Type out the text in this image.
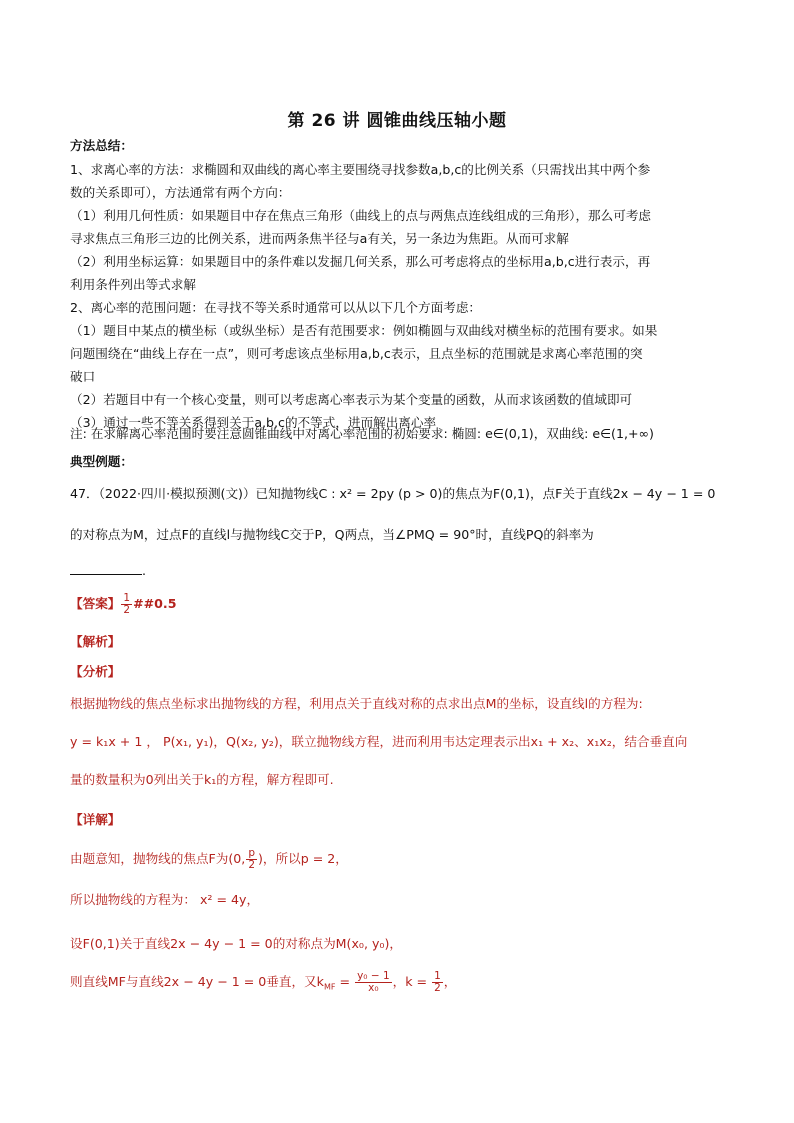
第 26 讲 圆锥曲线压轴小题
方法总结：
1、求离心率的方法：求椭圆和双曲线的离心率主要围绕寻找参数a,b,c的比例关系（只需找出其中两个参
数的关系即可），方法通常有两个方向：
（1）利用几何性质：如果题目中存在焦点三角形（曲线上的点与两焦点连线组成的三角形），那么可考虑
寻求焦点三角形三边的比例关系，进而两条焦半径与a有关，另一条边为焦距。从而可求解
（2）利用坐标运算：如果题目中的条件难以发掘几何关系，那么可考虑将点的坐标用a,b,c进行表示，再
利用条件列出等式求解
2、离心率的范围问题：在寻找不等关系时通常可以从以下几个方面考虑：
（1）题目中某点的横坐标（或纵坐标）是否有范围要求：例如椭圆与双曲线对横坐标的范围有要求。如果
问题围绕在“曲线上存在一点”，则可考虑该点坐标用a,b,c表示，且点坐标的范围就是求离心率范围的突
破口
（2）若题目中有一个核心变量，则可以考虑离心率表示为某个变量的函数，从而求该函数的值域即可
（3）通过一些不等关系得到关于a,b,c的不等式，进而解出离心率
注: 在求解离心率范围时要注意圆锥曲线中对离心率范围的初始要求: 椭圆: e∈(0,1)，双曲线: e∈(1,+∞)
典型例题：
47．（2022·四川·模拟预测(文)）已知抛物线C : x² = 2py (p > 0)的焦点为F(0,1)，点F关于直线2x − 4y − 1 = 0
的对称点为M，过点F的直线l与抛物线C交于P，Q两点，当∠PMQ = 90°时，直线PQ的斜率为
.
【答案】 $\frac{1}{2}$ ##0.5
【解析】
【分析】
根据抛物线的焦点坐标求出抛物线的方程，利用点关于直线对称的点求出点M的坐标，设直线l的方程为:
y = k₁x + 1 ， P(x₁, y₁)，Q(x₂, y₂)，联立抛物线方程，进而利用韦达定理表示出x₁ + x₂、x₁x₂，结合垂直向
量的数量积为0列出关于k₁的方程，解方程即可.
【详解】
由题意知，抛物线的焦点F为(0, $\frac{p}{2}$ )，所以p = 2，
所以抛物线的方程为： x² = 4y，
设F(0,1)关于直线2x − 4y − 1 = 0的对称点为M(x₀, y₀)，
则直线MF与直线2x − 4y − 1 = 0垂直，又$k_{MF} = \frac{\text{y₀ − 1}}{\text{x₀}}$ ，$k = \frac{1}{2}$ ，
